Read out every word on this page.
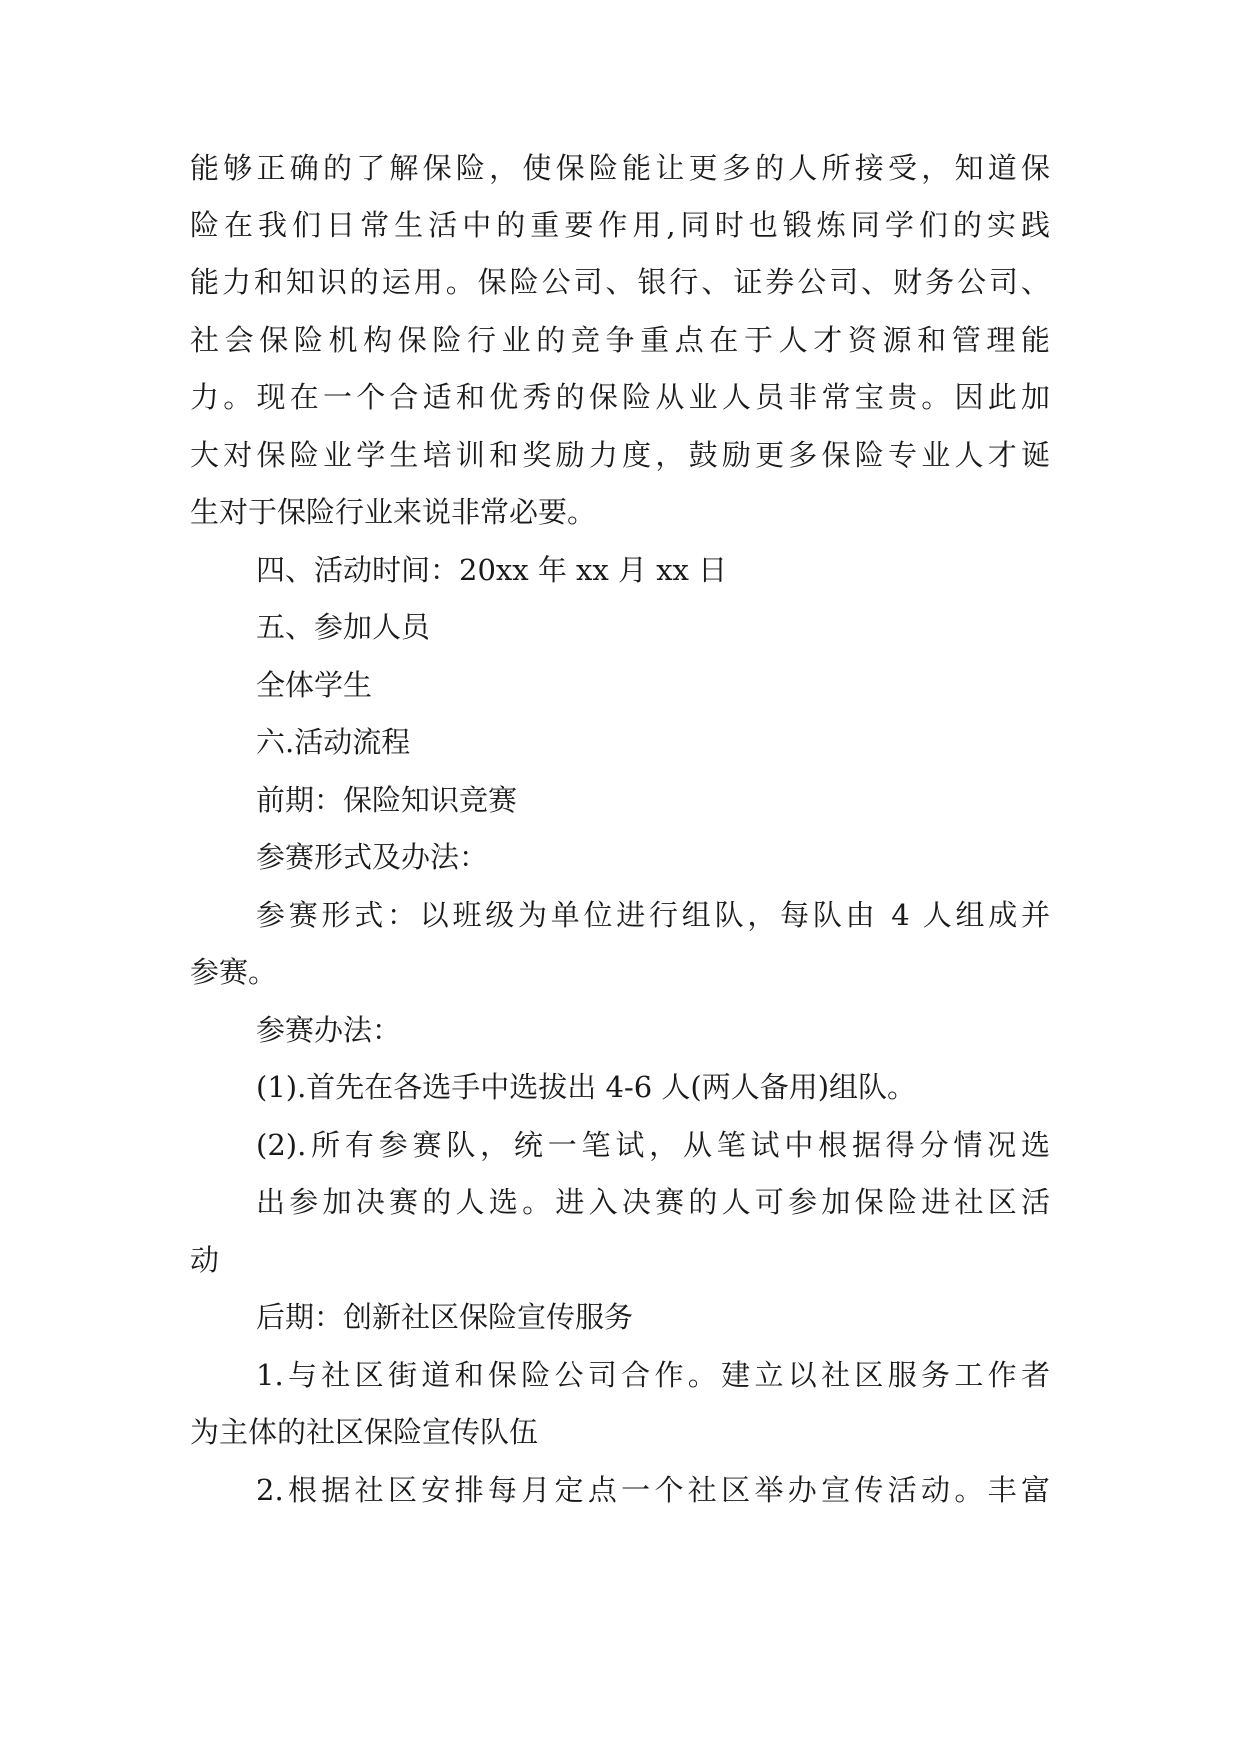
能够正确的了解保险，使保险能让更多的人所接受，知道保
险在我们日常生活中的重要作用,同时也锻炼同学们的实践
能力和知识的运用。保险公司、银行、证券公司、财务公司、
社会保险机构保险行业的竞争重点在于人才资源和管理能
力。现在一个合适和优秀的保险从业人员非常宝贵。因此加
大对保险业学生培训和奖励力度，鼓励更多保险专业人才诞
生对于保险行业来说非常必要。
四、活动时间：20xx 年 xx 月 xx 日
五、参加人员
全体学生
六.活动流程
前期：保险知识竞赛
参赛形式及办法：
参赛形式：以班级为单位进行组队，每队由 4 人组成并
参赛。
参赛办法：
(1).首先在各选手中选拔出 4-6 人(两人备用)组队。
(2).所有参赛队，统一笔试，从笔试中根据得分情况选
出参加决赛的人选。进入决赛的人可参加保险进社区活
动
后期：创新社区保险宣传服务
1.与社区街道和保险公司合作。建立以社区服务工作者
为主体的社区保险宣传队伍
2.根据社区安排每月定点一个社区举办宣传活动。丰富
